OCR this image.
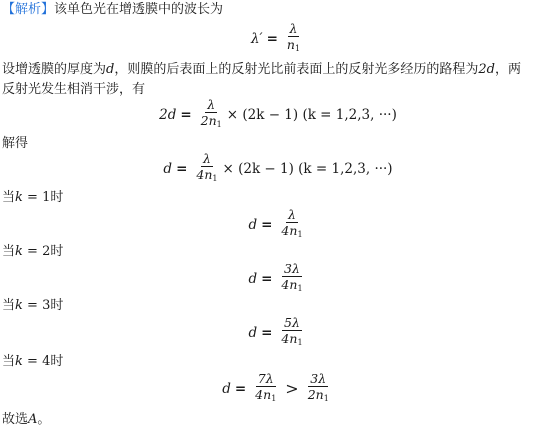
【解析】该单色光在增透膜中的波长为
$\lambda' = \frac{\lambda}{n_1}$
设增透膜的厚度为d，则膜的后表面上的反射光比前表面上的反射光多经历的路程为2d，两
反射光发生相消干涉，有
$2d = \frac{\lambda}{2n_1} \times (2k - 1) (k = 1,2,3$, ···)
解得
$d = \frac{\lambda}{4n_1} \times (2k - 1) (k = 1,2,3$, ···)
当k = 1时
$d = \frac{\lambda}{4n_1}$
当k = 2时
$d = \frac{3\lambda}{4n_1}$
当k = 3时
$d = \frac{5\lambda}{4n_1}$
当k = 4时
$d = \frac{7\lambda}{4n_1} > \frac{3\lambda}{2n_1}$
故选A。
